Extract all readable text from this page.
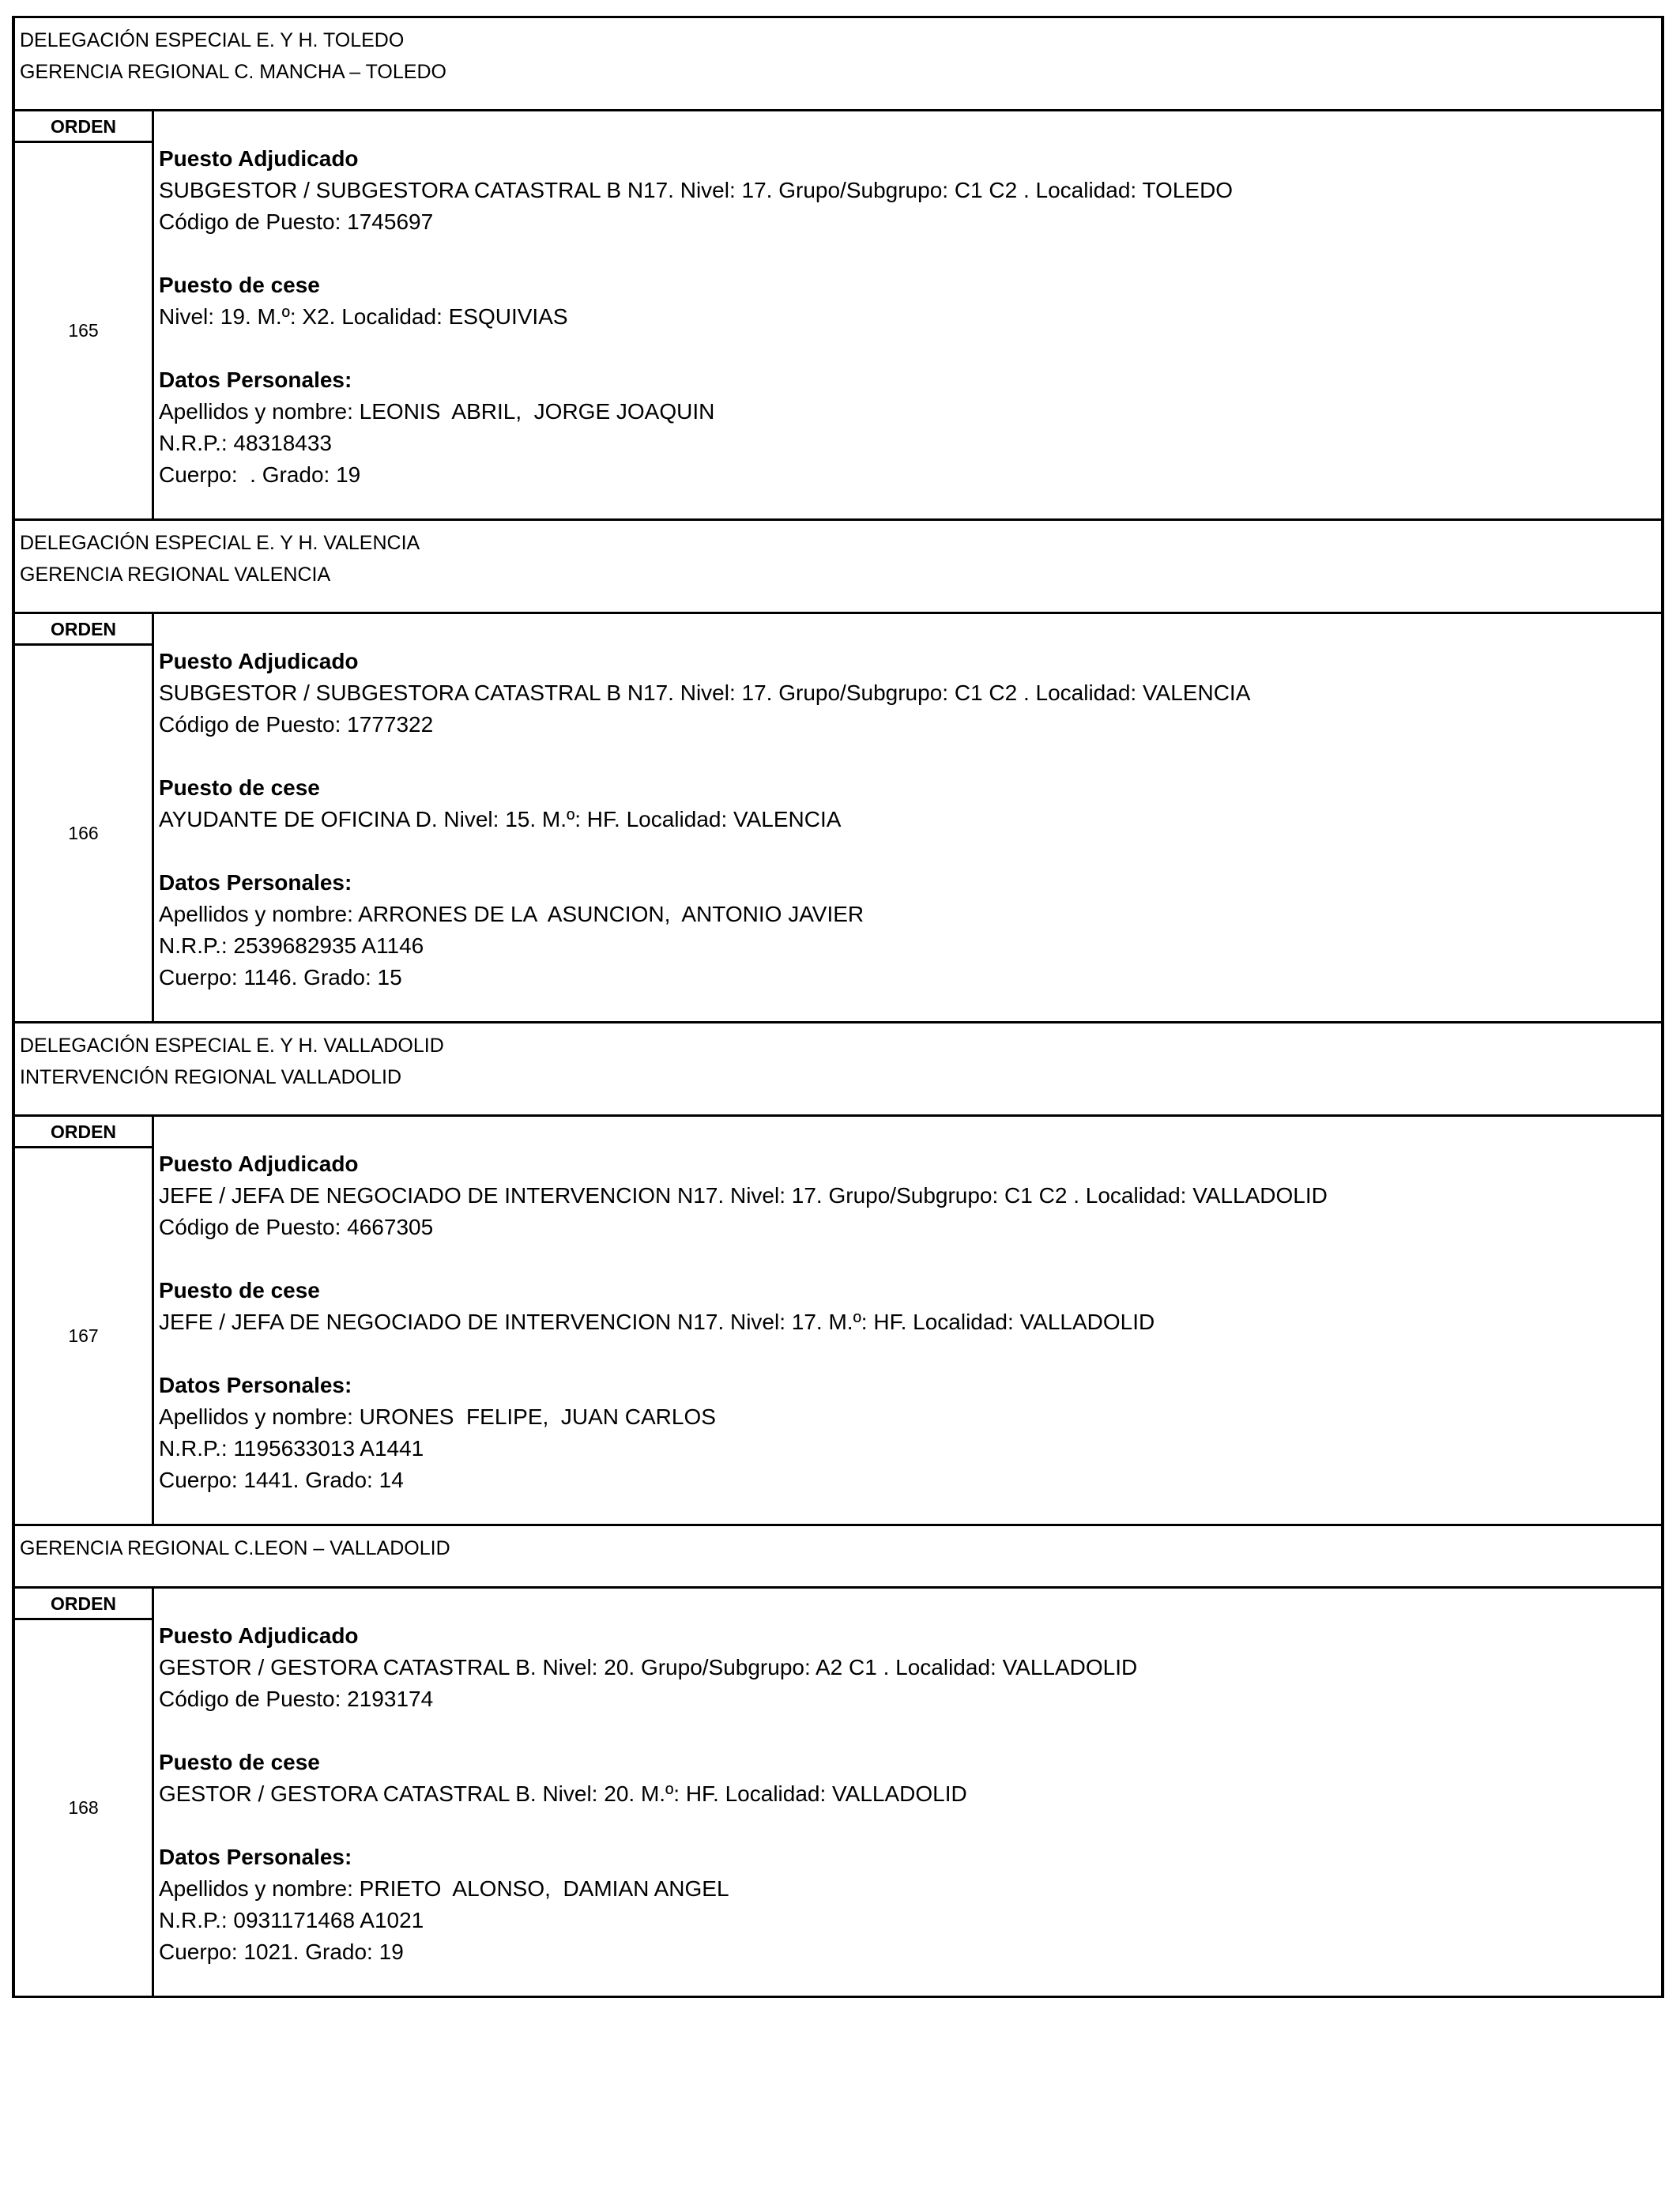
DELEGACIÓN ESPECIAL E. Y H. TOLEDO
GERENCIA REGIONAL C. MANCHA – TOLEDO
ORDEN
165
Puesto Adjudicado
SUBGESTOR / SUBGESTORA CATASTRAL B N17. Nivel: 17. Grupo/Subgrupo: C1 C2 . Localidad: TOLEDO
Código de Puesto: 1745697
Puesto de cese
Nivel: 19. M.º: X2. Localidad: ESQUIVIAS
Datos Personales:
Apellidos y nombre: LEONIS  ABRIL,  JORGE JOAQUIN
N.R.P.: 48318433
Cuerpo:  . Grado: 19
DELEGACIÓN ESPECIAL E. Y H. VALENCIA
GERENCIA REGIONAL VALENCIA
ORDEN
166
Puesto Adjudicado
SUBGESTOR / SUBGESTORA CATASTRAL B N17. Nivel: 17. Grupo/Subgrupo: C1 C2 . Localidad: VALENCIA
Código de Puesto: 1777322
Puesto de cese
AYUDANTE DE OFICINA D. Nivel: 15. M.º: HF. Localidad: VALENCIA
Datos Personales:
Apellidos y nombre: ARRONES DE LA  ASUNCION,  ANTONIO JAVIER
N.R.P.: 2539682935 A1146
Cuerpo: 1146. Grado: 15
DELEGACIÓN ESPECIAL E. Y H. VALLADOLID
INTERVENCIÓN REGIONAL VALLADOLID
ORDEN
167
Puesto Adjudicado
JEFE / JEFA DE NEGOCIADO DE INTERVENCION N17. Nivel: 17. Grupo/Subgrupo: C1 C2 . Localidad: VALLADOLID
Código de Puesto: 4667305
Puesto de cese
JEFE / JEFA DE NEGOCIADO DE INTERVENCION N17. Nivel: 17. M.º: HF. Localidad: VALLADOLID
Datos Personales:
Apellidos y nombre: URONES  FELIPE,  JUAN CARLOS
N.R.P.: 1195633013 A1441
Cuerpo: 1441. Grado: 14
GERENCIA REGIONAL C.LEON – VALLADOLID
ORDEN
168
Puesto Adjudicado
GESTOR / GESTORA CATASTRAL B. Nivel: 20. Grupo/Subgrupo: A2 C1 . Localidad: VALLADOLID
Código de Puesto: 2193174
Puesto de cese
GESTOR / GESTORA CATASTRAL B. Nivel: 20. M.º: HF. Localidad: VALLADOLID
Datos Personales:
Apellidos y nombre: PRIETO  ALONSO,  DAMIAN ANGEL
N.R.P.: 0931171468 A1021
Cuerpo: 1021. Grado: 19
